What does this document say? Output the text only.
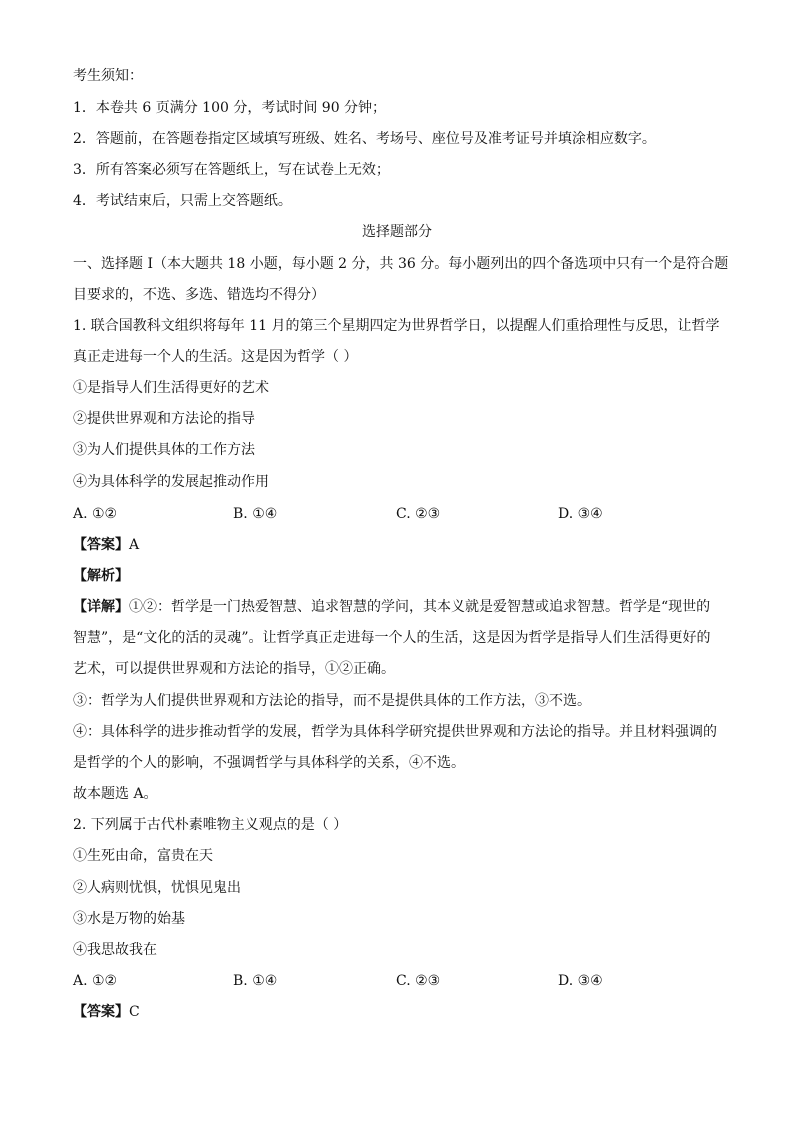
考生须知：
1．本卷共 6 页满分 100 分，考试时间 90 分钟；
2．答题前，在答题卷指定区域填写班级、姓名、考场号、座位号及准考证号并填涂相应数字。
3．所有答案必须写在答题纸上，写在试卷上无效；
4．考试结束后，只需上交答题纸。
选择题部分
一、选择题 Ⅰ（本大题共 18 小题，每小题 2 分，共 36 分。每小题列出的四个备选项中只有一个是符合题
目要求的，不选、多选、错选均不得分）
1. 联合国教科文组织将每年 11 月的第三个星期四定为世界哲学日，以提醒人们重拾理性与反思，让哲学
真正走进每一个人的生活。这是因为哲学（ ）
①是指导人们生活得更好的艺术
②提供世界观和方法论的指导
③为人们提供具体的工作方法
④为具体科学的发展起推动作用
A. ①②	B. ①④	C. ②③	D. ③④
【答案】A
【解析】
【详解】①②：哲学是一门热爱智慧、追求智慧的学问，其本义就是爱智慧或追求智慧。哲学是“现世的
智慧”，是“文化的活的灵魂”。让哲学真正走进每一个人的生活，这是因为哲学是指导人们生活得更好的
艺术，可以提供世界观和方法论的指导，①②正确。
③：哲学为人们提供世界观和方法论的指导，而不是提供具体的工作方法，③不选。
④：具体科学的进步推动哲学的发展，哲学为具体科学研究提供世界观和方法论的指导。并且材料强调的
是哲学的个人的影响，不强调哲学与具体科学的关系，④不选。
故本题选 A。
2. 下列属于古代朴素唯物主义观点的是（ ）
①生死由命，富贵在天
②人病则忧惧，忧惧见鬼出
③水是万物的始基
④我思故我在
A. ①②	B. ①④	C. ②③	D. ③④
【答案】C
